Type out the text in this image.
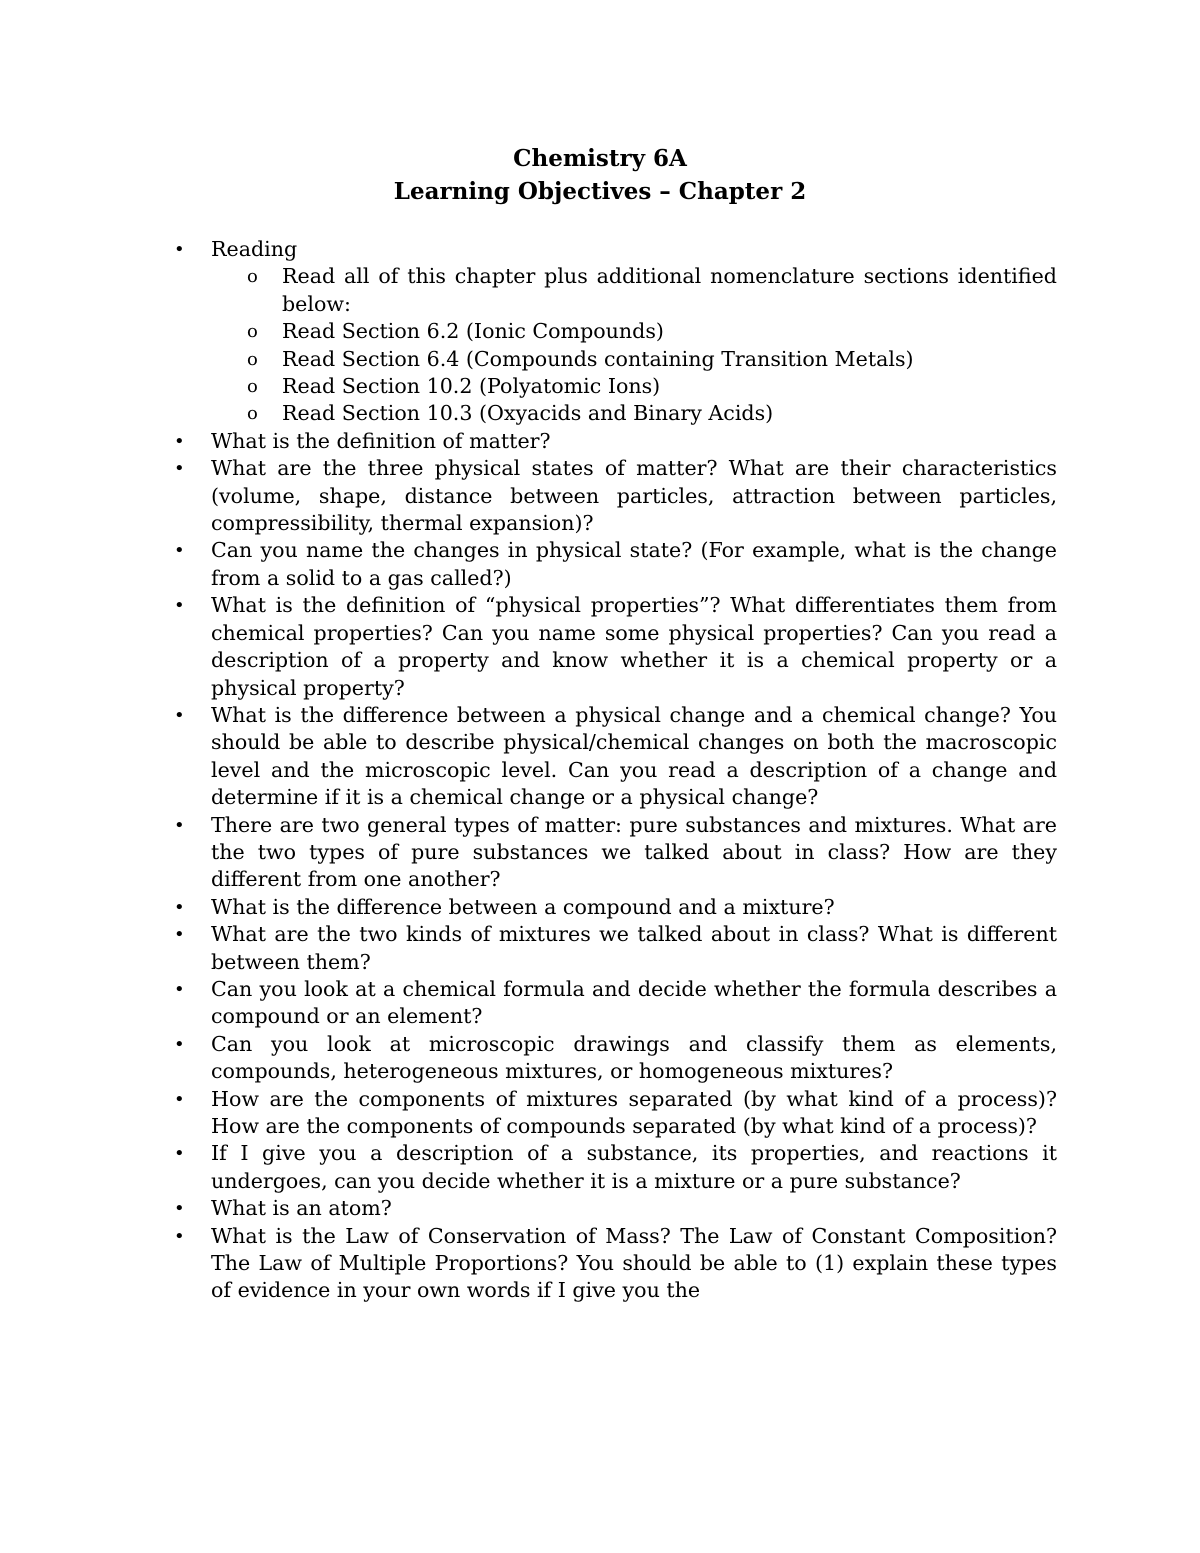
Chemistry 6A
Learning Objectives – Chapter 2
• Reading
o Read all of this chapter plus additional nomenclature sections identified below:
o Read Section 6.2 (Ionic Compounds)
o Read Section 6.4 (Compounds containing Transition Metals)
o Read Section 10.2 (Polyatomic Ions)
o Read Section 10.3 (Oxyacids and Binary Acids)
• What is the definition of matter?
• What are the three physical states of matter? What are their characteristics (volume, shape, distance between particles, attraction between particles, compressibility, thermal expansion)?
• Can you name the changes in physical state? (For example, what is the change from a solid to a gas called?)
• What is the definition of “physical properties”? What differentiates them from chemical properties? Can you name some physical properties? Can you read a description of a property and know whether it is a chemical property or a physical property?
• What is the difference between a physical change and a chemical change? You should be able to describe physical/chemical changes on both the macroscopic level and the microscopic level. Can you read a description of a change and determine if it is a chemical change or a physical change?
• There are two general types of matter: pure substances and mixtures. What are the two types of pure substances we talked about in class? How are they different from one another?
• What is the difference between a compound and a mixture?
• What are the two kinds of mixtures we talked about in class? What is different between them?
• Can you look at a chemical formula and decide whether the formula describes a compound or an element?
• Can you look at microscopic drawings and classify them as elements, compounds, heterogeneous mixtures, or homogeneous mixtures?
• How are the components of mixtures separated (by what kind of a process)? How are the components of compounds separated (by what kind of a process)?
• If I give you a description of a substance, its properties, and reactions it undergoes, can you decide whether it is a mixture or a pure substance?
• What is an atom?
• What is the Law of Conservation of Mass? The Law of Constant Composition? The Law of Multiple Proportions? You should be able to (1) explain these types of evidence in your own words if I give you the
